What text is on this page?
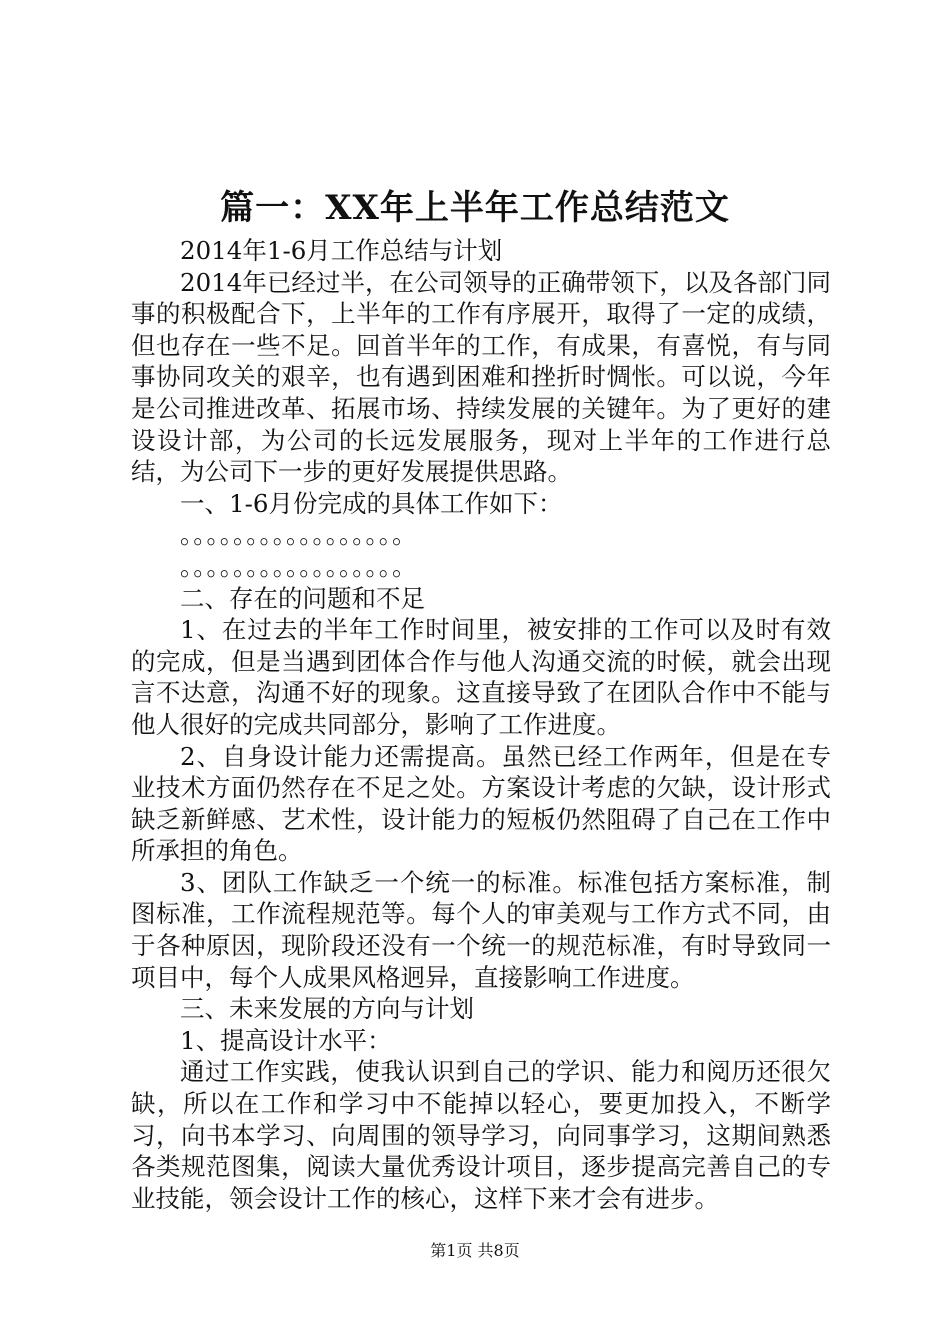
篇一：XX年上半年工作总结范文

2014年1-6月工作总结与计划

2014年已经过半，在公司领导的正确带领下，以及各部门同事的积极配合下，上半年的工作有序展开，取得了一定的成绩，但也存在一些不足。回首半年的工作，有成果，有喜悦，有与同事协同攻关的艰辛，也有遇到困难和挫折时惆怅。可以说，今年是公司推进改革、拓展市场、持续发展的关键年。为了更好的建设设计部，为公司的长远发展服务，现对上半年的工作进行总结，为公司下一步的更好发展提供思路。

一、1-6月份完成的具体工作如下：

。。。。。。。。。。。。。。。。。
。。。。。。。。。。。。。。。。。

二、存在的问题和不足

1、在过去的半年工作时间里，被安排的工作可以及时有效的完成，但是当遇到团体合作与他人沟通交流的时候，就会出现言不达意，沟通不好的现象。这直接导致了在团队合作中不能与他人很好的完成共同部分，影响了工作进度。

2、自身设计能力还需提高。虽然已经工作两年，但是在专业技术方面仍然存在不足之处。方案设计考虑的欠缺，设计形式缺乏新鲜感、艺术性，设计能力的短板仍然阻碍了自己在工作中所承担的角色。

3、团队工作缺乏一个统一的标准。标准包括方案标准，制图标准，工作流程规范等。每个人的审美观与工作方式不同，由于各种原因，现阶段还没有一个统一的规范标准，有时导致同一项目中，每个人成果风格迥异，直接影响工作进度。

三、未来发展的方向与计划

1、提高设计水平：

通过工作实践，使我认识到自己的学识、能力和阅历还很欠缺，所以在工作和学习中不能掉以轻心，要更加投入，不断学习，向书本学习、向周围的领导学习，向同事学习，这期间熟悉各类规范图集，阅读大量优秀设计项目，逐步提高完善自己的专业技能，领会设计工作的核心，这样下来才会有进步。

第1页 共8页
